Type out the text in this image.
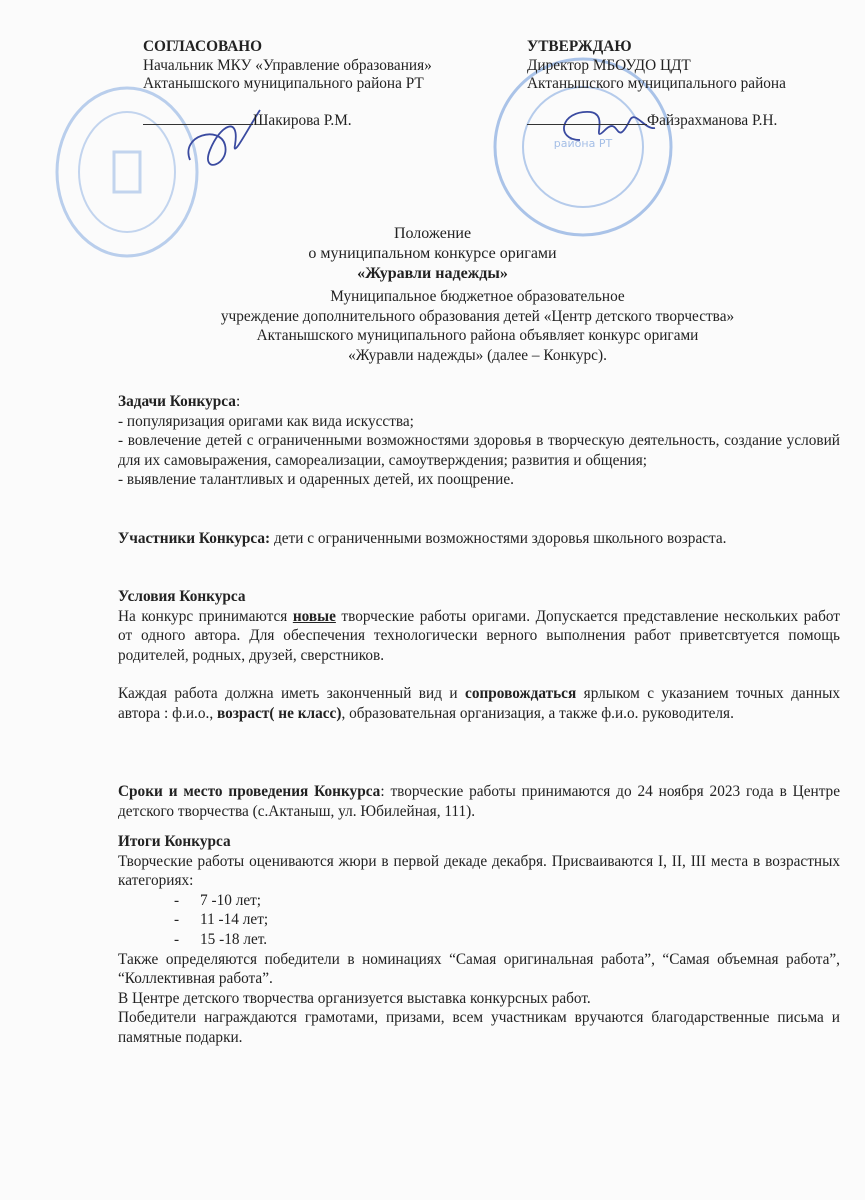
района РТ
СОГЛАСОВАНО
Начальник МКУ «Управление образования»
Актанышского муниципального района РТ
Шакирова Р.М.
УТВЕРЖДАЮ
Директор МБОУДО ЦДТ
Актанышского муниципального района
Файзрахманова Р.Н.
Положение
о муниципальном конкурсе оригами
«Журавли надежды»
Муниципальное бюджетное образовательное
учреждение дополнительного образования детей «Центр детского творчества»
Актанышского муниципального района объявляет конкурс оригами
«Журавли надежды» (далее – Конкурс).

Задачи Конкурса:

- популяризация оригами как вида искусства;

- вовлечение детей с ограниченными возможностями здоровья в творческую деятельность, создание условий для их самовыражения, самореализации, самоутверждения; развития и общения;

- выявление талантливых и одаренных детей, их поощрение.

Участники Конкурса: дети с ограниченными возможностями здоровья школьного возраста.

Условия Конкурса

На конкурс принимаются новые творческие работы оригами. Допускается представление нескольких работ от одного автора. Для обеспечения технологически верного выполнения работ приветсвтуется помощь родителей, родных, друзей, сверстников.

Каждая работа должна иметь законченный вид и сопровождаться ярлыком с указанием точных данных автора : ф.и.о., возраст( не класс), образовательная организация, а также ф.и.о. руководителя.

Сроки и место проведения Конкурса: творческие работы принимаются до 24 ноября 2023 года в Центре детского творчества (с.Актаныш, ул. Юбилейная, 111).

Итоги Конкурса

Творческие работы оцениваются жюри в первой декаде декабря. Присваиваются I, II, III места в возрастных категориях:

- 7 -10 лет;

- 11 -14 лет;

- 15 -18 лет.

Также определяются победители в номинациях “Самая оригинальная работа”, “Самая объемная работа”, “Коллективная работа”.

В Центре детского творчества организуется выставка конкурсных работ.

Победители награждаются грамотами, призами, всем участникам вручаются благодарственные письма и памятные подарки.
